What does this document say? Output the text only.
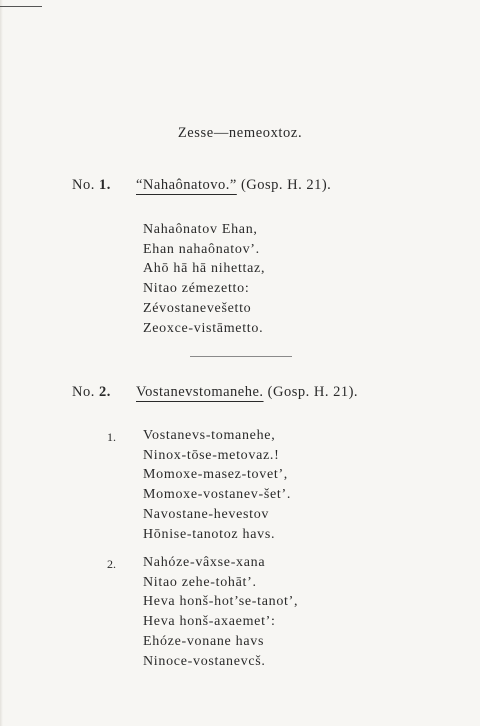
Zesse—nemeoxtoz.
No. 1. “Nahaônatovo.” (Gosp. H. 21).
Nahaônatov Ehan,
Ehan nahaônatov’.
Ahō hā hā nihettaz,
Nitao zémezetto:
Zévostanevešetto
Zeoxce-vistāmetto.
No. 2. Vostanevstomanehe. (Gosp. H. 21).
1. Vostanevs-tomanehe,
Ninox-tōse-metovaz.!
Momoxe-masez-tovet’,
Momoxe-vostanev-šet’.
Navostane-hevestov
Hōnise-tanotoz havs.
2. Nahóze-vâxse-xana
Nitao zehe-tohāt’.
Heva honš-hot’se-tanot’,
Heva honš-axaemet’:
Ehóze-vonane havs
Ninoce-vostanevcš.
